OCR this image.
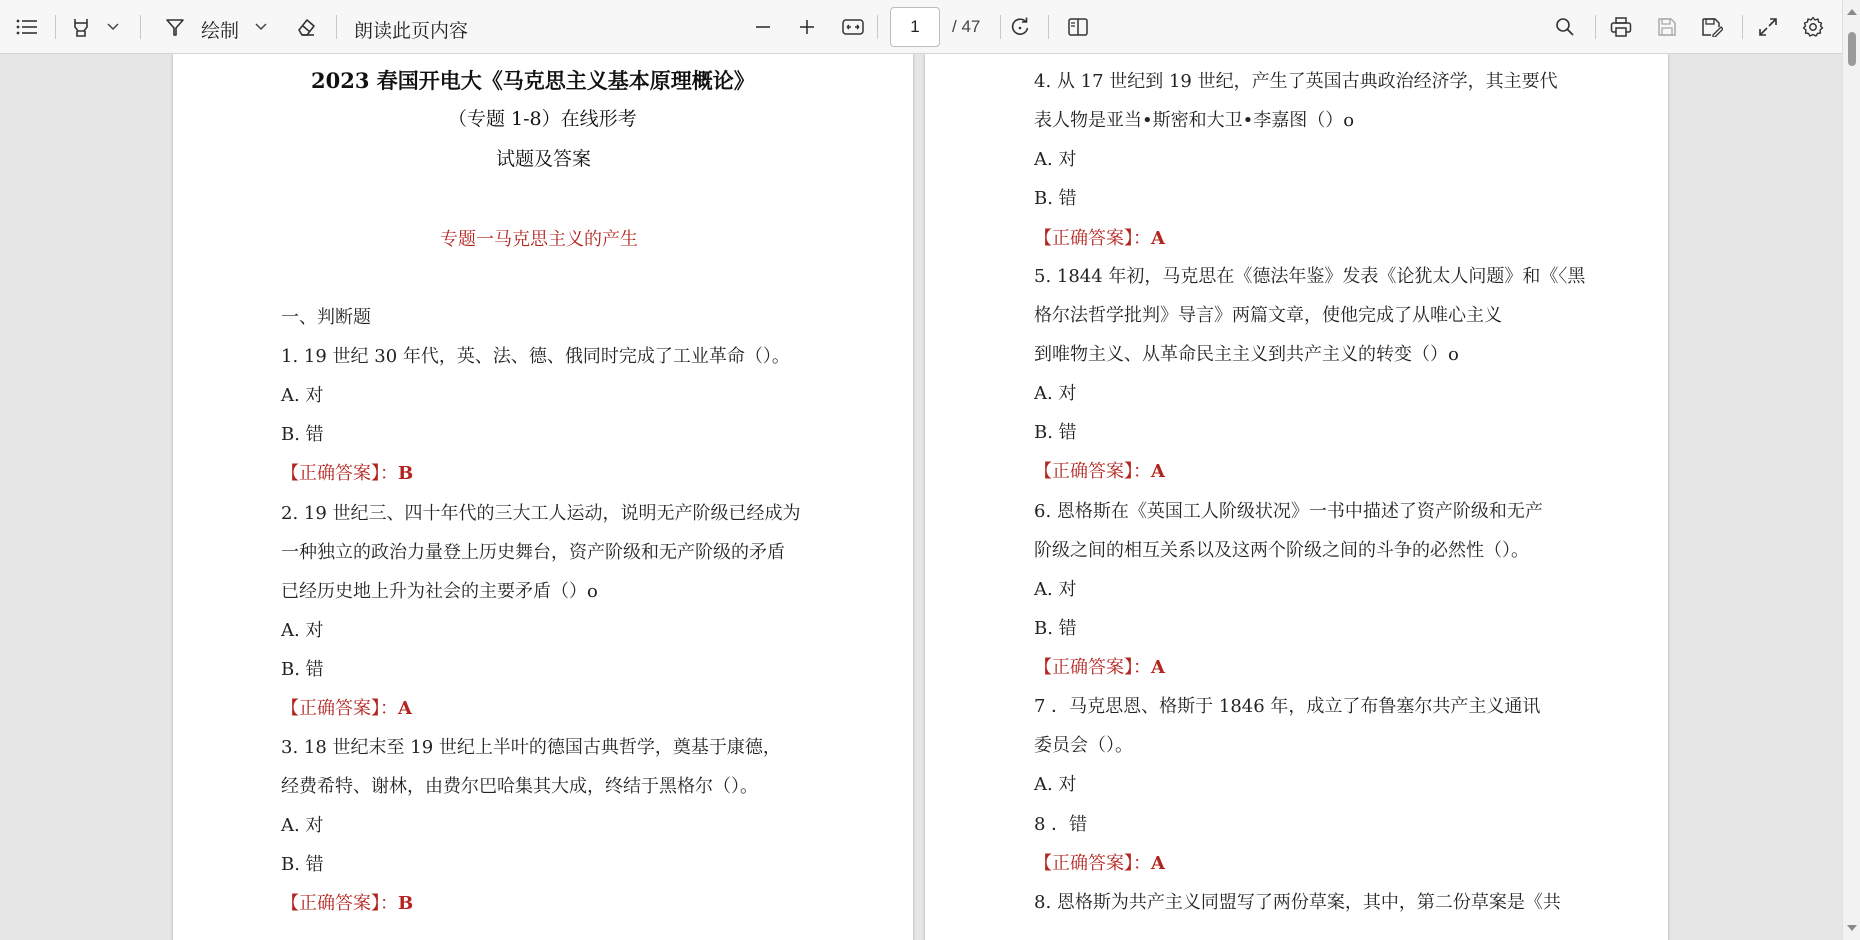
绘制	朗读此页内容	1	/ 47
2023 春国开电大《马克思主义基本原理概论》
（专题 1-8）在线形考
试题及答案
专题一马克思主义的产生
一、判断题
1. 19 世纪 30 年代，英、法、德、俄同时完成了工业革命（）。
A. 对
B. 错
【正确答案】：B
2. 19 世纪三、四十年代的三大工人运动，说明无产阶级已经成为
一种独立的政治力量登上历史舞台，资产阶级和无产阶级的矛盾
已经历史地上升为社会的主要矛盾（）o
A. 对
B. 错
【正确答案】：A
3. 18 世纪末至 19 世纪上半叶的德国古典哲学，奠基于康德，
经费希特、谢林，由费尔巴哈集其大成，终结于黑格尔（）。
A. 对
B. 错
【正确答案】：B
4. 从 17 世纪到 19 世纪，产生了英国古典政治经济学，其主要代
表人物是亚当•斯密和大卫•李嘉图（）o
A. 对
B. 错
【正确答案】：A
5. 1844 年初，马克思在《德法年鉴》发表《论犹太人问题》和《〈黑
格尔法哲学批判》导言》两篇文章，使他完成了从唯心主义
到唯物主义、从革命民主主义到共产主义的转变（）o
A. 对
B. 错
【正确答案】：A
6. 恩格斯在《英国工人阶级状况》一书中描述了资产阶级和无产
阶级之间的相互关系以及这两个阶级之间的斗争的必然性（）。
A. 对
B. 错
【正确答案】：A
7 ．马克思恩、格斯于 1846 年，成立了布鲁塞尔共产主义通讯
委员会（）。
A. 对
8 ．错
【正确答案】：A
8. 恩格斯为共产主义同盟写了两份草案，其中，第二份草案是《共
